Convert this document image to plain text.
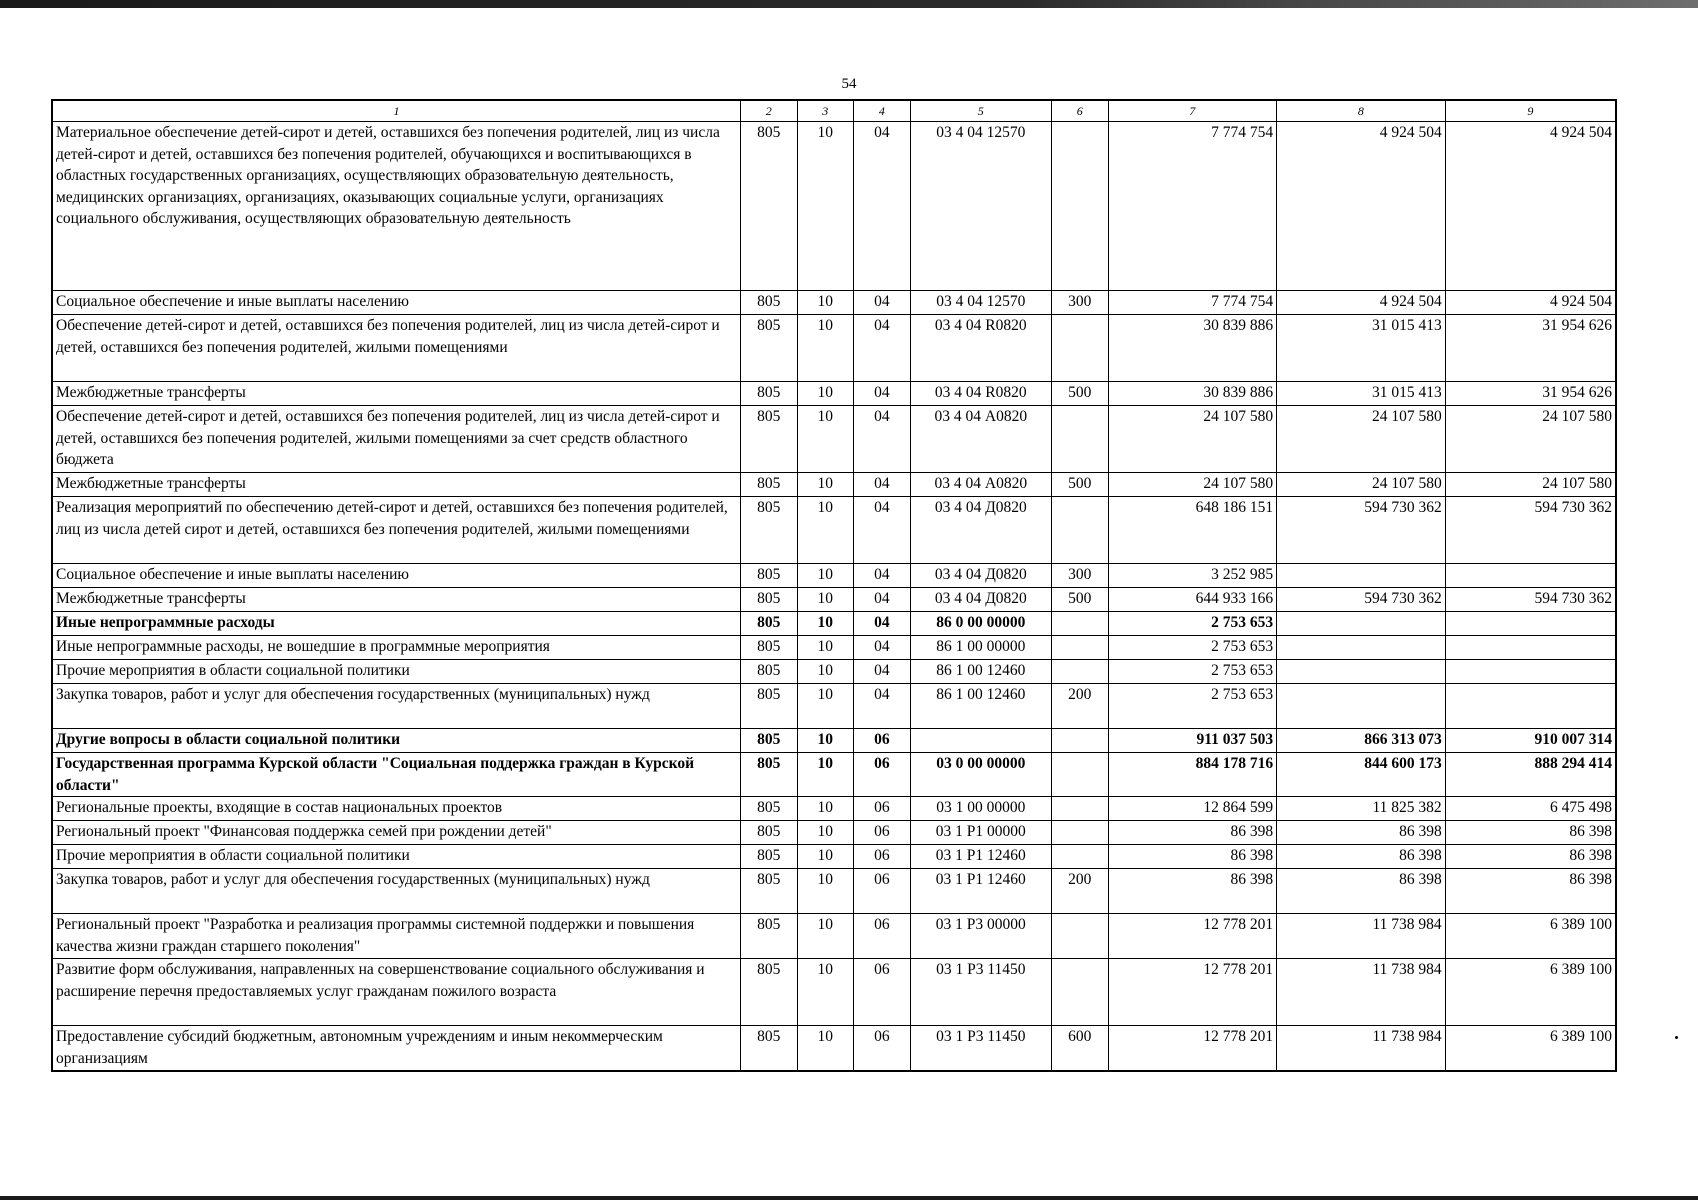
54
1	2	3	4	5	6	7	8	9
Материальное обеспечение детей-сирот и детей, оставшихся без попечения родителей, лиц из числа детей-сирот и детей, оставшихся без попечения родителей, обучающихся и воспитывающихся в областных государственных организациях, осуществляющих образовательную деятельность, медицинских организациях, организациях, оказывающих социальные услуги, организациях социального обслуживания, осуществляющих образовательную деятельность	805	10	04	03 4 04 12570		7 774 754	4 924 504	4 924 504
Социальное обеспечение и иные выплаты населению	805	10	04	03 4 04 12570	300	7 774 754	4 924 504	4 924 504
Обеспечение детей-сирот и детей, оставшихся без попечения родителей, лиц из числа детей-сирот и детей, оставшихся без попечения родителей, жилыми помещениями	805	10	04	03 4 04 R0820		30 839 886	31 015 413	31 954 626
Межбюджетные трансферты	805	10	04	03 4 04 R0820	500	30 839 886	31 015 413	31 954 626
Обеспечение детей-сирот и детей, оставшихся без попечения родителей, лиц из числа детей-сирот и детей, оставшихся без попечения родителей, жилыми помещениями за счет средств областного бюджета	805	10	04	03 4 04 А0820		24 107 580	24 107 580	24 107 580
Межбюджетные трансферты	805	10	04	03 4 04 А0820	500	24 107 580	24 107 580	24 107 580
Реализация мероприятий по обеспечению детей-сирот и детей, оставшихся без попечения родителей, лиц из числа детей сирот и детей, оставшихся без попечения родителей, жилыми помещениями	805	10	04	03 4 04 Д0820		648 186 151	594 730 362	594 730 362
Социальное обеспечение и иные выплаты населению	805	10	04	03 4 04 Д0820	300	3 252 985		
Межбюджетные трансферты	805	10	04	03 4 04 Д0820	500	644 933 166	594 730 362	594 730 362
Иные непрограммные расходы	805	10	04	86 0 00 00000		2 753 653		
Иные непрограммные расходы, не вошедшие в программные мероприятия	805	10	04	86 1 00 00000		2 753 653		
Прочие мероприятия в области социальной политики	805	10	04	86 1 00 12460		2 753 653		
Закупка товаров, работ и услуг для обеспечения государственных (муниципальных) нужд	805	10	04	86 1 00 12460	200	2 753 653		
Другие вопросы в области социальной политики	805	10	06			911 037 503	866 313 073	910 007 314
Государственная программа Курской области "Социальная поддержка граждан в Курской области"	805	10	06	03 0 00 00000		884 178 716	844 600 173	888 294 414
Региональные проекты, входящие в состав национальных проектов	805	10	06	03 1 00 00000		12 864 599	11 825 382	6 475 498
Региональный проект "Финансовая поддержка семей при рождении детей"	805	10	06	03 1 P1 00000		86 398	86 398	86 398
Прочие мероприятия в области социальной политики	805	10	06	03 1 P1 12460		86 398	86 398	86 398
Закупка товаров, работ и услуг для обеспечения государственных (муниципальных) нужд	805	10	06	03 1 P1 12460	200	86 398	86 398	86 398
Региональный проект "Разработка и реализация программы системной поддержки и повышения качества жизни граждан старшего поколения"	805	10	06	03 1 P3 00000		12 778 201	11 738 984	6 389 100
Развитие форм обслуживания, направленных на совершенствование социального обслуживания и расширение перечня предоставляемых услуг гражданам пожилого возраста	805	10	06	03 1 P3 11450		12 778 201	11 738 984	6 389 100
Предоставление субсидий бюджетным, автономным учреждениям и иным некоммерческим организациям	805	10	06	03 1 P3 11450	600	12 778 201	11 738 984	6 389 100
